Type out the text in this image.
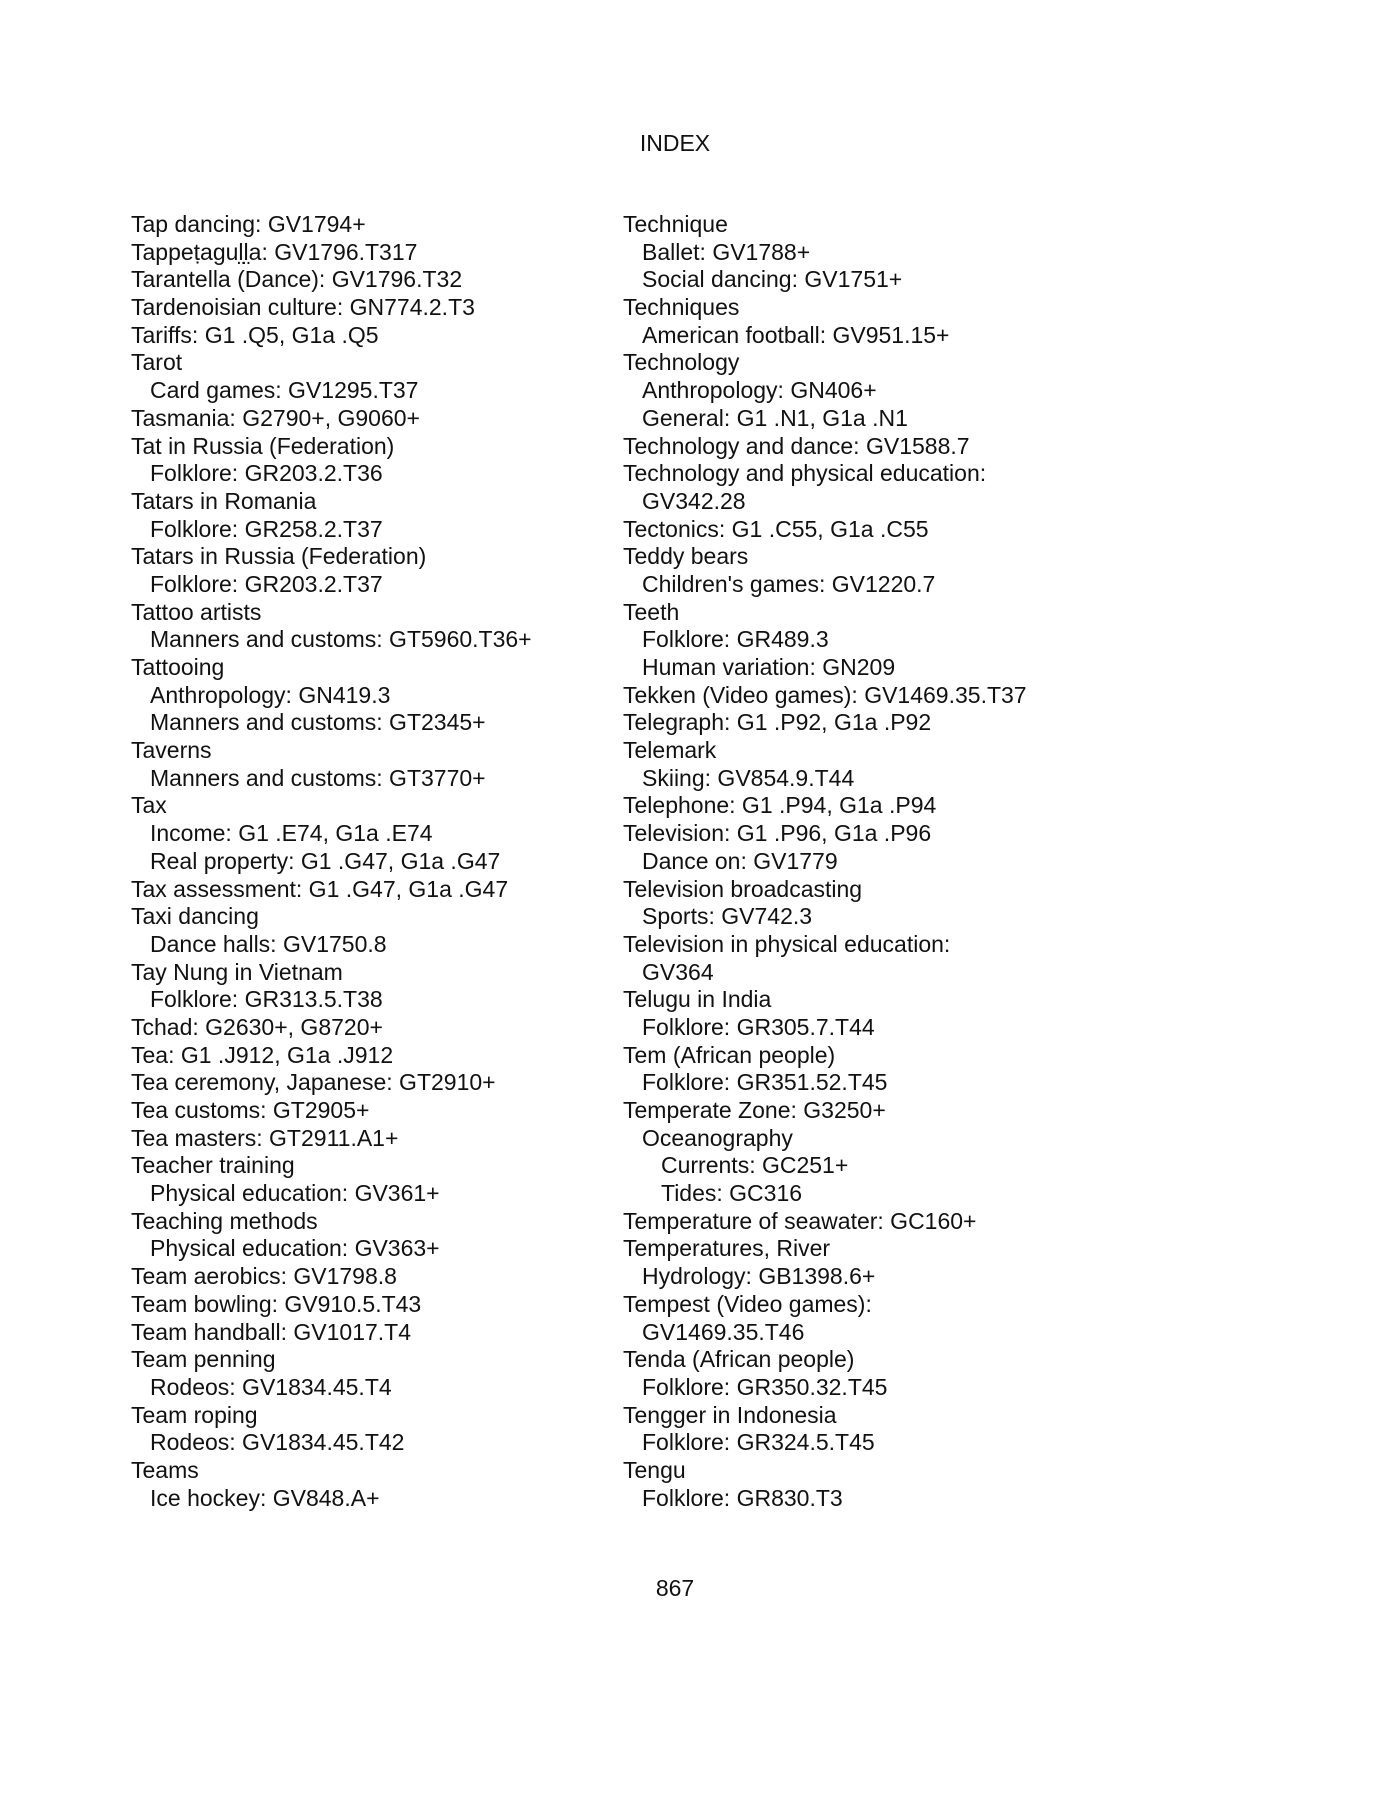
INDEX
Tap dancing: GV1794+
Tappeṭagul̤l̤a: GV1796.T317
Tarantella (Dance): GV1796.T32
Tardenoisian culture: GN774.2.T3
Tariffs: G1 .Q5, G1a .Q5
Tarot
Card games: GV1295.T37
Tasmania: G2790+, G9060+
Tat in Russia (Federation)
Folklore: GR203.2.T36
Tatars in Romania
Folklore: GR258.2.T37
Tatars in Russia (Federation)
Folklore: GR203.2.T37
Tattoo artists
Manners and customs: GT5960.T36+
Tattooing
Anthropology: GN419.3
Manners and customs: GT2345+
Taverns
Manners and customs: GT3770+
Tax
Income: G1 .E74, G1a .E74
Real property: G1 .G47, G1a .G47
Tax assessment: G1 .G47, G1a .G47
Taxi dancing
Dance halls: GV1750.8
Tay Nung in Vietnam
Folklore: GR313.5.T38
Tchad: G2630+, G8720+
Tea: G1 .J912, G1a .J912
Tea ceremony, Japanese: GT2910+
Tea customs: GT2905+
Tea masters: GT2911.A1+
Teacher training
Physical education: GV361+
Teaching methods
Physical education: GV363+
Team aerobics: GV1798.8
Team bowling: GV910.5.T43
Team handball: GV1017.T4
Team penning
Rodeos: GV1834.45.T4
Team roping
Rodeos: GV1834.45.T42
Teams
Ice hockey: GV848.A+
Technique
Ballet: GV1788+
Social dancing: GV1751+
Techniques
American football: GV951.15+
Technology
Anthropology: GN406+
General: G1 .N1, G1a .N1
Technology and dance: GV1588.7
Technology and physical education:
GV342.28
Tectonics: G1 .C55, G1a .C55
Teddy bears
Children's games: GV1220.7
Teeth
Folklore: GR489.3
Human variation: GN209
Tekken (Video games): GV1469.35.T37
Telegraph: G1 .P92, G1a .P92
Telemark
Skiing: GV854.9.T44
Telephone: G1 .P94, G1a .P94
Television: G1 .P96, G1a .P96
Dance on: GV1779
Television broadcasting
Sports: GV742.3
Television in physical education:
GV364
Telugu in India
Folklore: GR305.7.T44
Tem (African people)
Folklore: GR351.52.T45
Temperate Zone: G3250+
Oceanography
Currents: GC251+
Tides: GC316
Temperature of seawater: GC160+
Temperatures, River
Hydrology: GB1398.6+
Tempest (Video games):
GV1469.35.T46
Tenda (African people)
Folklore: GR350.32.T45
Tengger in Indonesia
Folklore: GR324.5.T45
Tengu
Folklore: GR830.T3
867
